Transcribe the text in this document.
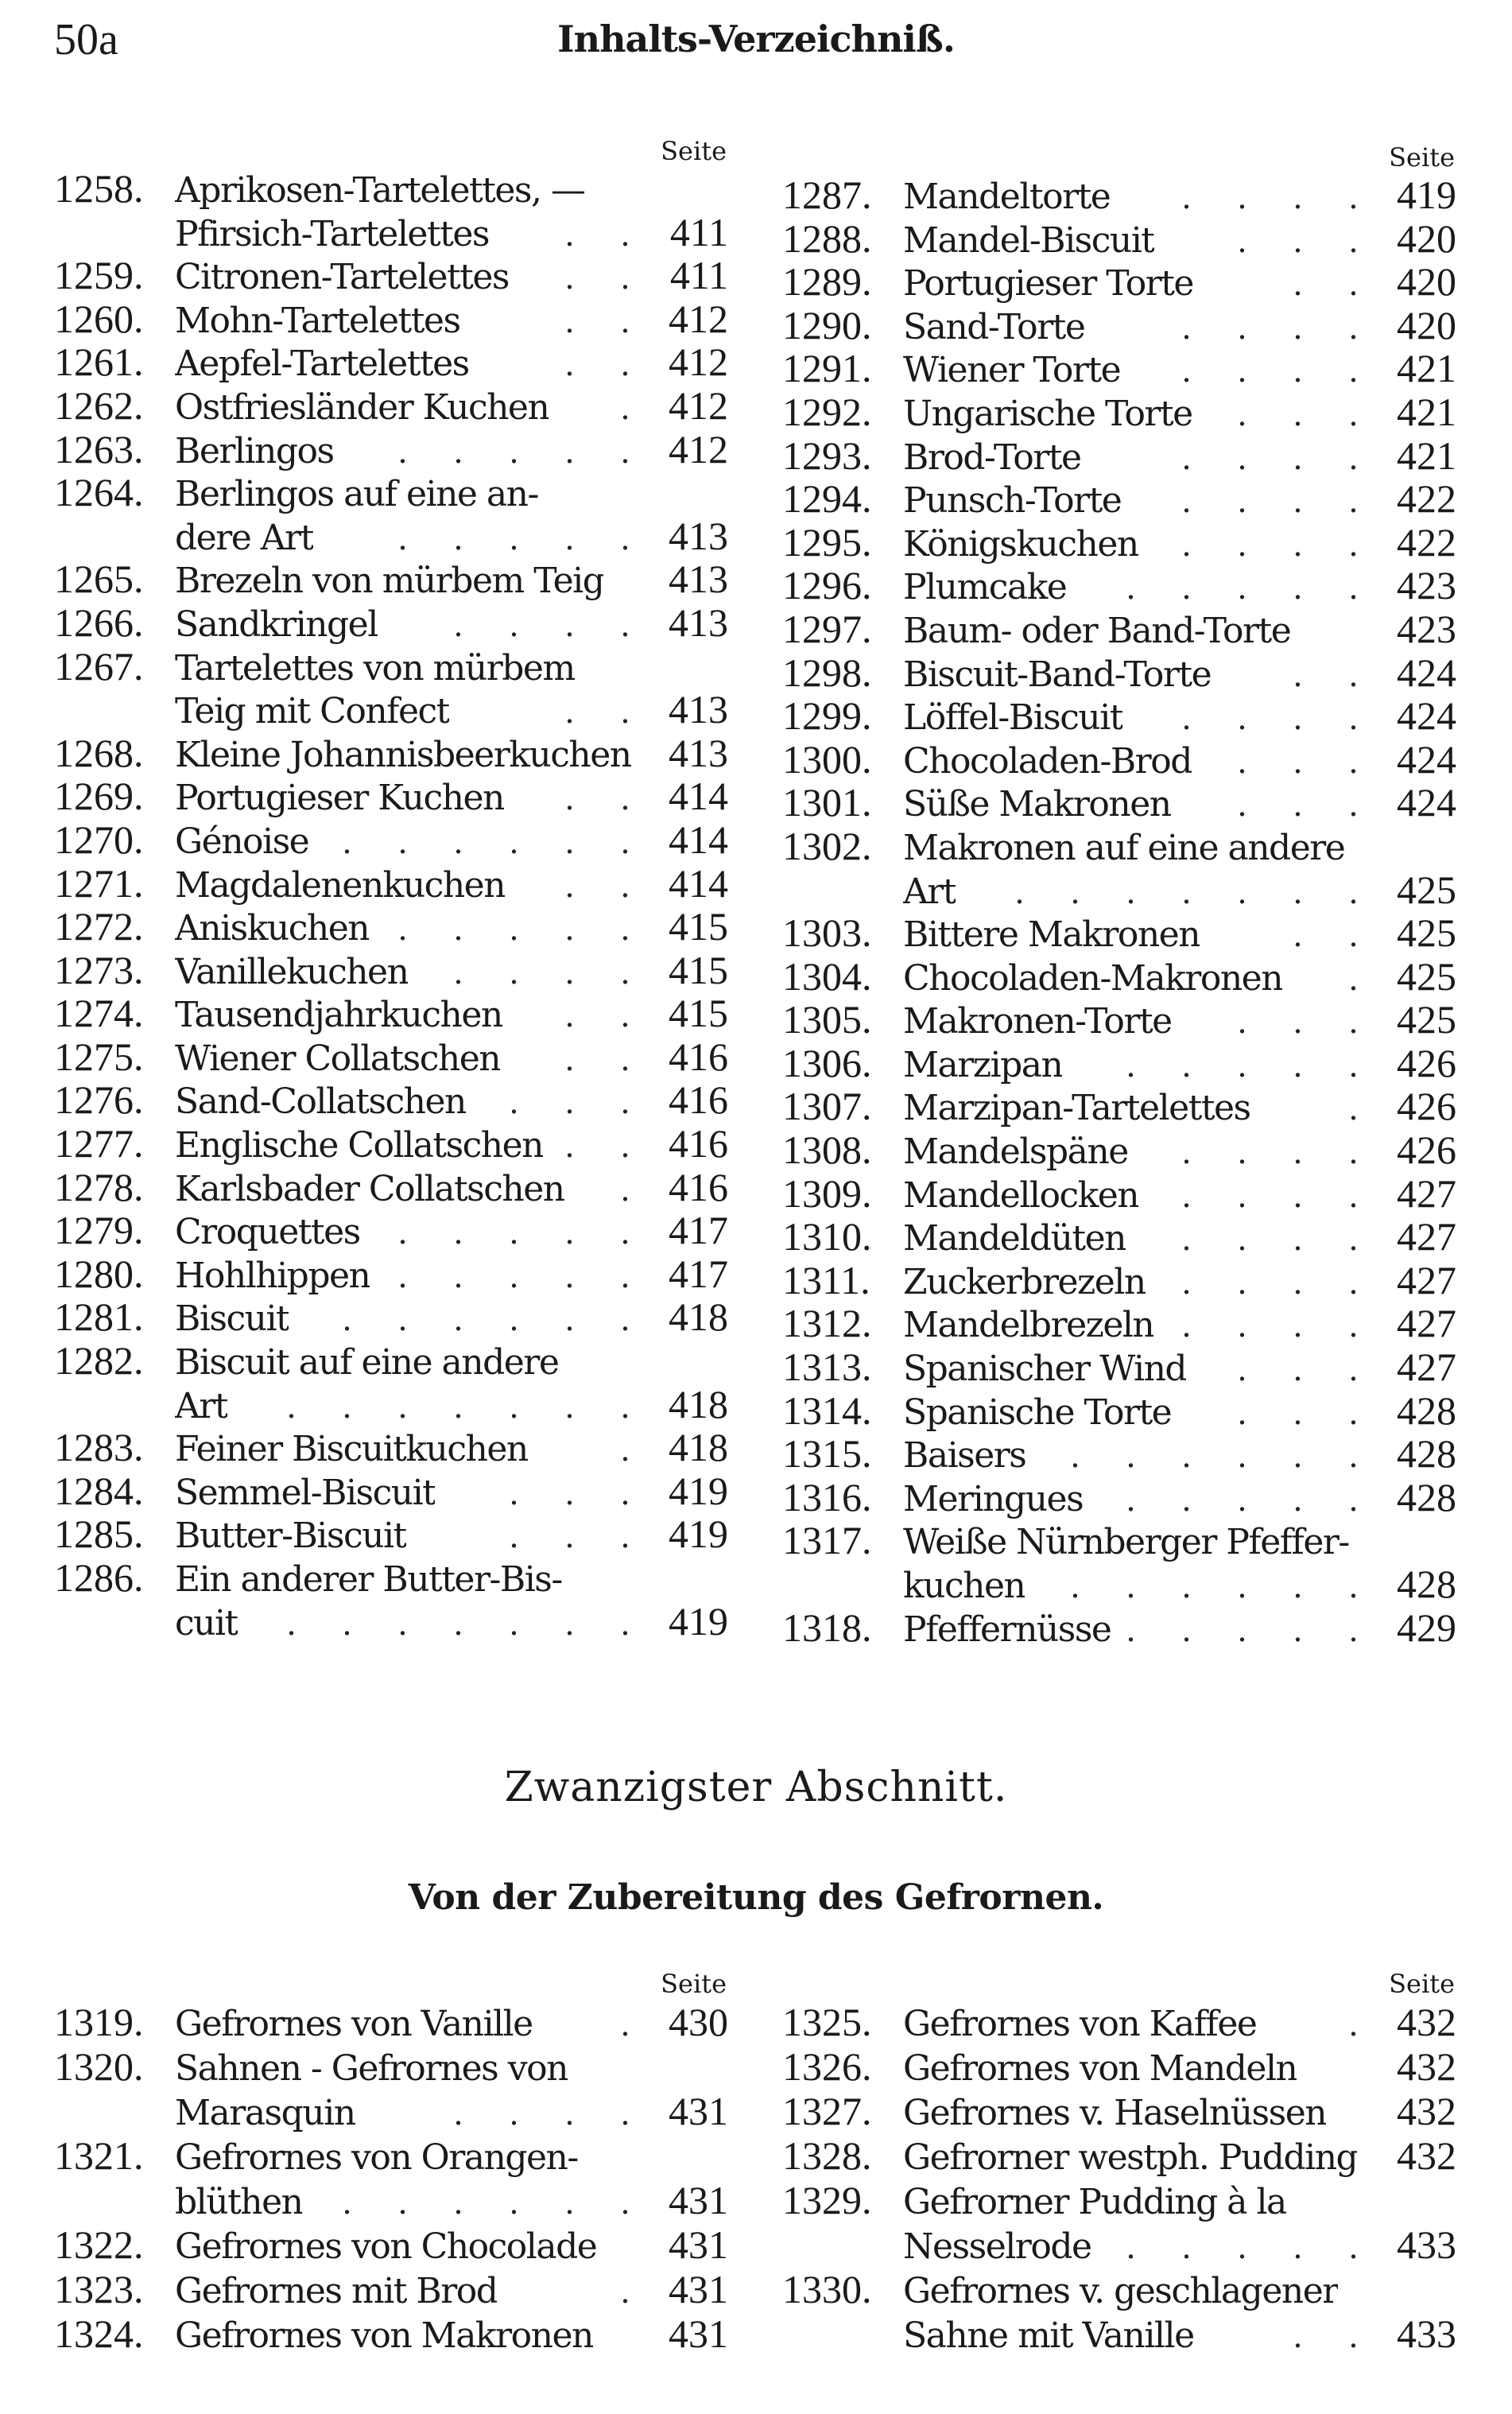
50a	Inhalts-Verzeichniß.
Seite
1258. Aprikosen-Tartelettes, —
Pfirsich-Tartelettes	. . 411
1259. Citronen-Tartelettes	. . 411
1260. Mohn-Tartelettes	. . 412
1261. Aepfel-Tartelettes	. . 412
1262. Ostfriesländer Kuchen	. 412
1263. Berlingos	. . . . . 412
1264. Berlingos auf eine an-
dere Art	. . . . . 413
1265. Brezeln von mürbem Teig	413
1266. Sandkringel	. . . . 413
1267. Tartelettes von mürbem
Teig mit Confect	. . 413
1268. Kleine Johannisbeerkuchen 413
1269. Portugieser Kuchen	. . 414
1270. Génoise . . . . . . 414
1271. Magdalenenkuchen	. . 414
1272. Aniskuchen . . . . . 415
1273. Vanillekuchen	. . . . 415
1274. Tausendjahrkuchen	. . 415
1275. Wiener Collatschen	. . 416
1276. Sand-Collatschen	. . . 416
1277. Englische Collatschen . . 416
1278. Karlsbader Collatschen	. 416
1279. Croquettes	. . . . . 417
1280. Hohlhippen . . . . . 417
1281. Biscuit	. . . . . . 418
1282. Biscuit auf eine andere
Art	. . . . . . . 418
1283. Feiner Biscuitkuchen	. 418
1284. Semmel-Biscuit	. . . 419
1285. Butter-Biscuit	. . . 419
1286. Ein anderer Butter-Bis-
cuit	. . . . . . . 419
Seite
1287. Mandeltorte	. . . . 419
1288. Mandel-Biscuit	. . . 420
1289. Portugieser Torte	. . 420
1290. Sand-Torte	. . . . 420
1291. Wiener Torte	. . . . 421
1292. Ungarische Torte	. . . 421
1293. Brod-Torte	. . . . 421
1294. Punsch-Torte	. . . . 422
1295. Königskuchen	. . . . 422
1296. Plumcake	. . . . . 423
1297. Baum- oder Band-Torte	423
1298. Biscuit-Band-Torte	. . 424
1299. Löffel-Biscuit	. . . . 424
1300. Chocoladen-Brod	. . . 424
1301. Süße Makronen	. . . 424
1302. Makronen auf eine andere
Art	. . . . . . . 425
1303. Bittere Makronen	. . 425
1304. Chocoladen-Makronen	. 425
1305. Makronen-Torte	. . . 425
1306. Marzipan	. . . . . 426
1307. Marzipan-Tartelettes	. 426
1308. Mandelspäne	. . . . 426
1309. Mandellocken	. . . . 427
1310. Mandeldüten	. . . . 427
1311. Zuckerbrezeln	. . . . 427
1312. Mandelbrezeln . . . . 427
1313. Spanischer Wind	. . . 427
1314. Spanische Torte	. . . 428
1315. Baisers	. . . . . . 428
1316. Meringues	. . . . . 428
1317. Weiße Nürnberger Pfeffer-
kuchen	. . . . . . 428
1318. Pfeffernüsse . . . . . 429
Zwanzigster Abschnitt.
Von der Zubereitung des Gefrornen.
Seite
1319. Gefrornes von Vanille	. 430
1320. Sahnen - Gefrornes von
Marasquin	. . . . 431
1321. Gefrornes von Orangen-
blüthen	. . . . . . 431
1322. Gefrornes von Chocolade	431
1323. Gefrornes mit Brod	. 431
1324. Gefrornes von Makronen	431
Seite
1325. Gefrornes von Kaffee	. 432
1326. Gefrornes von Mandeln	432
1327. Gefrornes v. Haselnüssen	432
1328. Gefrorner westph. Pudding 432
1329. Gefrorner Pudding à la
Nesselrode	. . . . . 433
1330. Gefrornes v. geschlagener
Sahne mit Vanille	. . 433
